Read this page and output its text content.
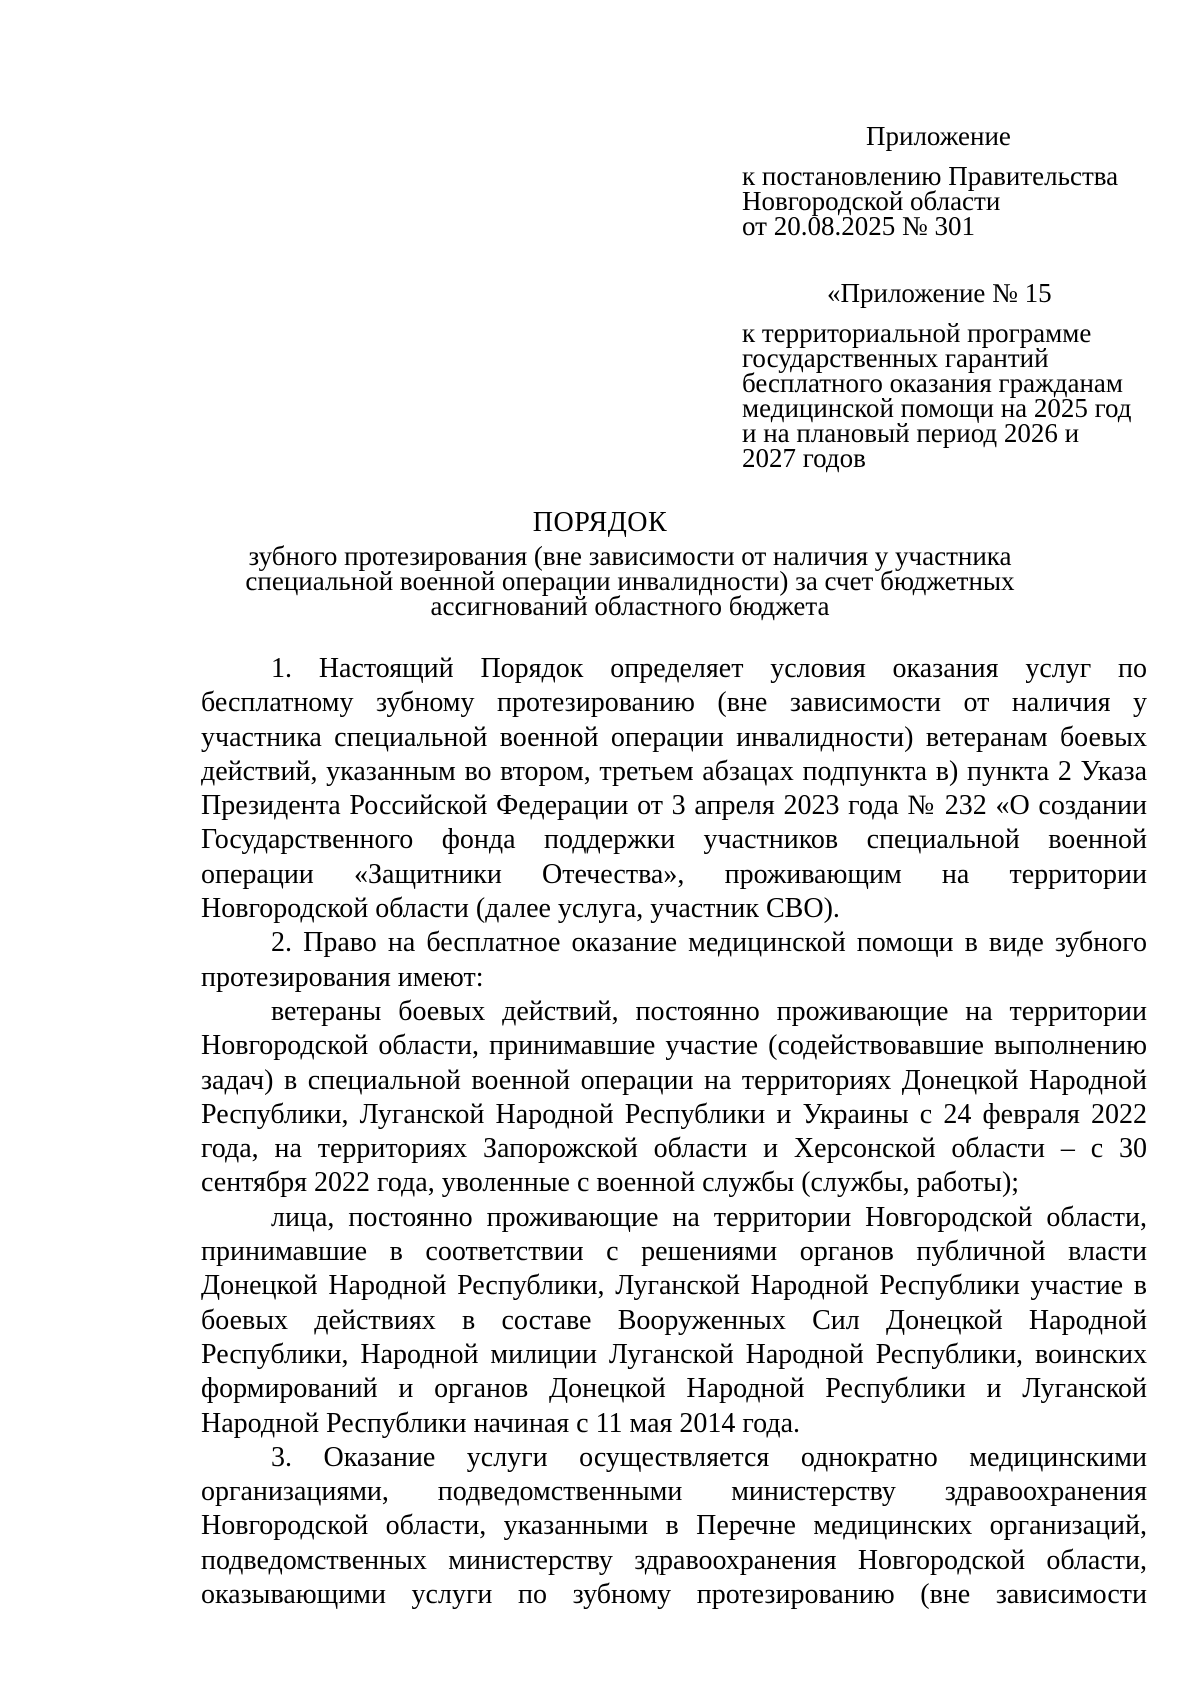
Приложение
к постановлению Правительства
Новгородской области
от 20.08.2025 № 301
«Приложение № 15
к территориальной программе
государственных гарантий
бесплатного оказания гражданам
медицинской помощи на 2025 год
и на плановый период 2026 и
2027 годов
ПОРЯДОК
зубного протезирования (вне зависимости от наличия у участника
специальной военной операции инвалидности) за счет бюджетных
ассигнований областного бюджета

1. Настоящий Порядок определяет условия оказания услуг по бесплатному зубному протезированию (вне зависимости от наличия у участника специальной военной операции инвалидности) ветеранам боевых действий, указанным во втором, третьем абзацах подпункта в) пункта 2 Указа Президента Российской Федерации от 3 апреля 2023 года № 232 «О создании Государственного фонда поддержки участников специальной военной операции «Защитники Отечества», проживающим на территории Новгородской области (далее услуга, участник СВО).

2. Право на бесплатное оказание медицинской помощи в виде зубного протезирования имеют:

ветераны боевых действий, постоянно проживающие на территории Новгородской области, принимавшие участие (содействовавшие выполнению задач) в специальной военной операции на территориях Донецкой Народной Республики, Луганской Народной Республики и Украины с 24 февраля 2022 года, на территориях Запорожской области и Херсонской области – с 30 сентября 2022 года, уволенные с военной службы (службы, работы);

лица, постоянно проживающие на территории Новгородской области, принимавшие в соответствии с решениями органов публичной власти Донецкой Народной Республики, Луганской Народной Республики участие в боевых действиях в составе Вооруженных Сил Донецкой Народной Республики, Народной милиции Луганской Народной Республики, воинских формирований и органов Донецкой Народной Республики и Луганской Народной Республики начиная с 11 мая 2014 года.

3. Оказание услуги осуществляется однократно медицинскими организациями, подведомственными министерству здравоохранения Новгородской области, указанными в Перечне медицинских организаций, подведомственных министерству здравоохранения Новгородской области, оказывающими услуги по зубному протезированию (вне зависимости
